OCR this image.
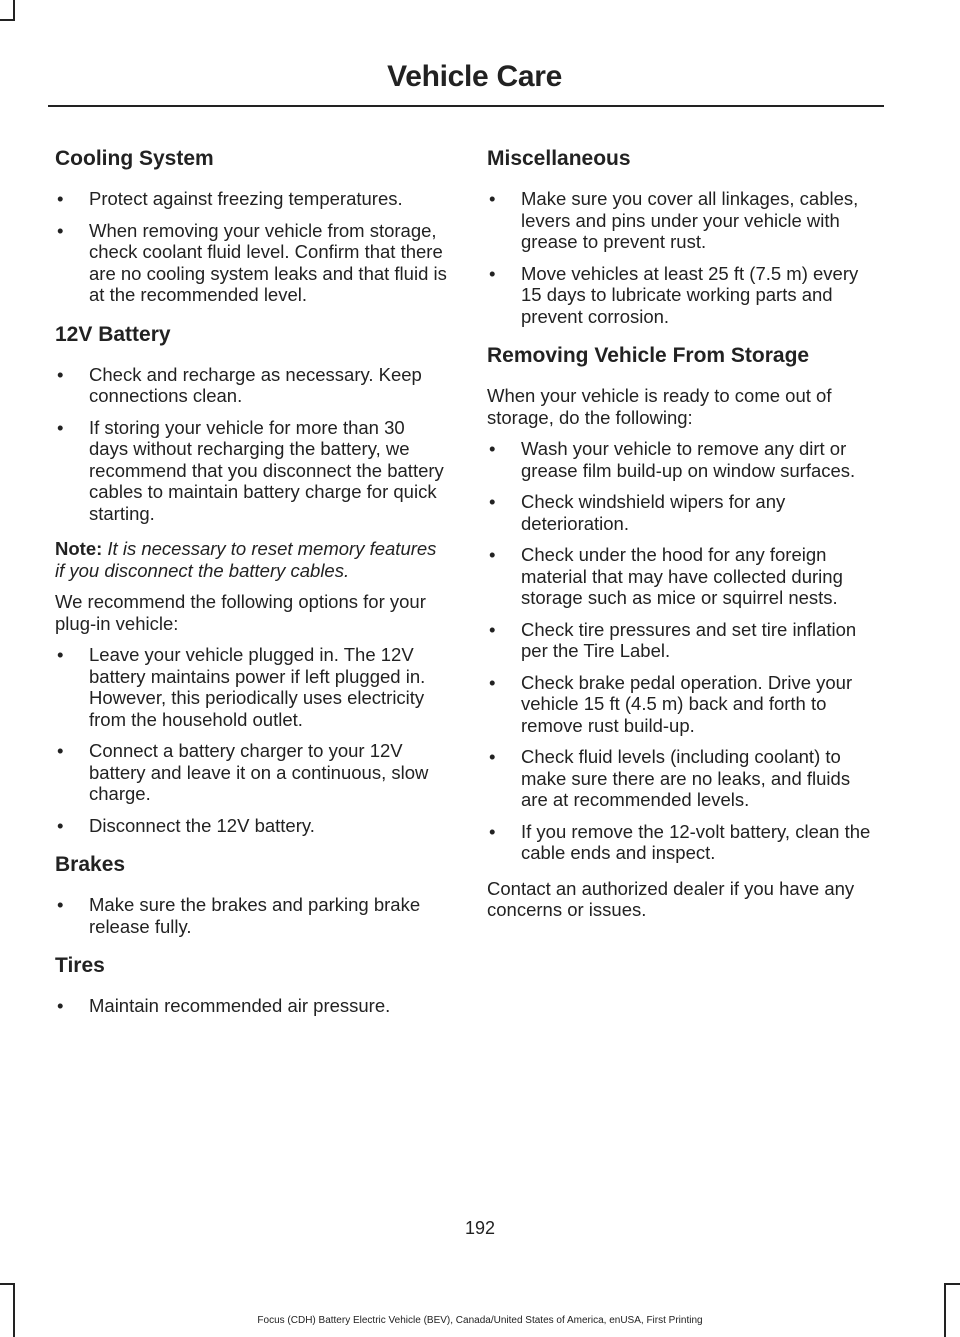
Vehicle Care
Cooling System
• Protect against freezing temperatures.
• When removing your vehicle from storage, check coolant fluid level. Confirm that there are no cooling system leaks and that fluid is at the recommended level.
12V Battery
• Check and recharge as necessary. Keep connections clean.
• If storing your vehicle for more than 30 days without recharging the battery, we recommend that you disconnect the battery cables to maintain battery charge for quick starting.

Note: It is necessary to reset memory features if you disconnect the battery cables.

We recommend the following options for your plug-in vehicle:

• Leave your vehicle plugged in. The 12V battery maintains power if left plugged in. However, this periodically uses electricity from the household outlet.
• Connect a battery charger to your 12V battery and leave it on a continuous, slow charge.
• Disconnect the 12V battery.
Brakes
• Make sure the brakes and parking brake release fully.
Tires
• Maintain recommended air pressure.
Miscellaneous
• Make sure you cover all linkages, cables, levers and pins under your vehicle with grease to prevent rust.
• Move vehicles at least 25 ft (7.5 m) every 15 days to lubricate working parts and prevent corrosion.
Removing Vehicle From Storage

When your vehicle is ready to come out of storage, do the following:

• Wash your vehicle to remove any dirt or grease film build-up on window surfaces.
• Check windshield wipers for any deterioration.
• Check under the hood for any foreign material that may have collected during storage such as mice or squirrel nests.
• Check tire pressures and set tire inflation per the Tire Label.
• Check brake pedal operation. Drive your vehicle 15 ft (4.5 m) back and forth to remove rust build-up.
• Check fluid levels (including coolant) to make sure there are no leaks, and fluids are at recommended levels.
• If you remove the 12-volt battery, clean the cable ends and inspect.

Contact an authorized dealer if you have any concerns or issues.

192
Focus (CDH) Battery Electric Vehicle (BEV), Canada/United States of America, enUSA, First Printing
